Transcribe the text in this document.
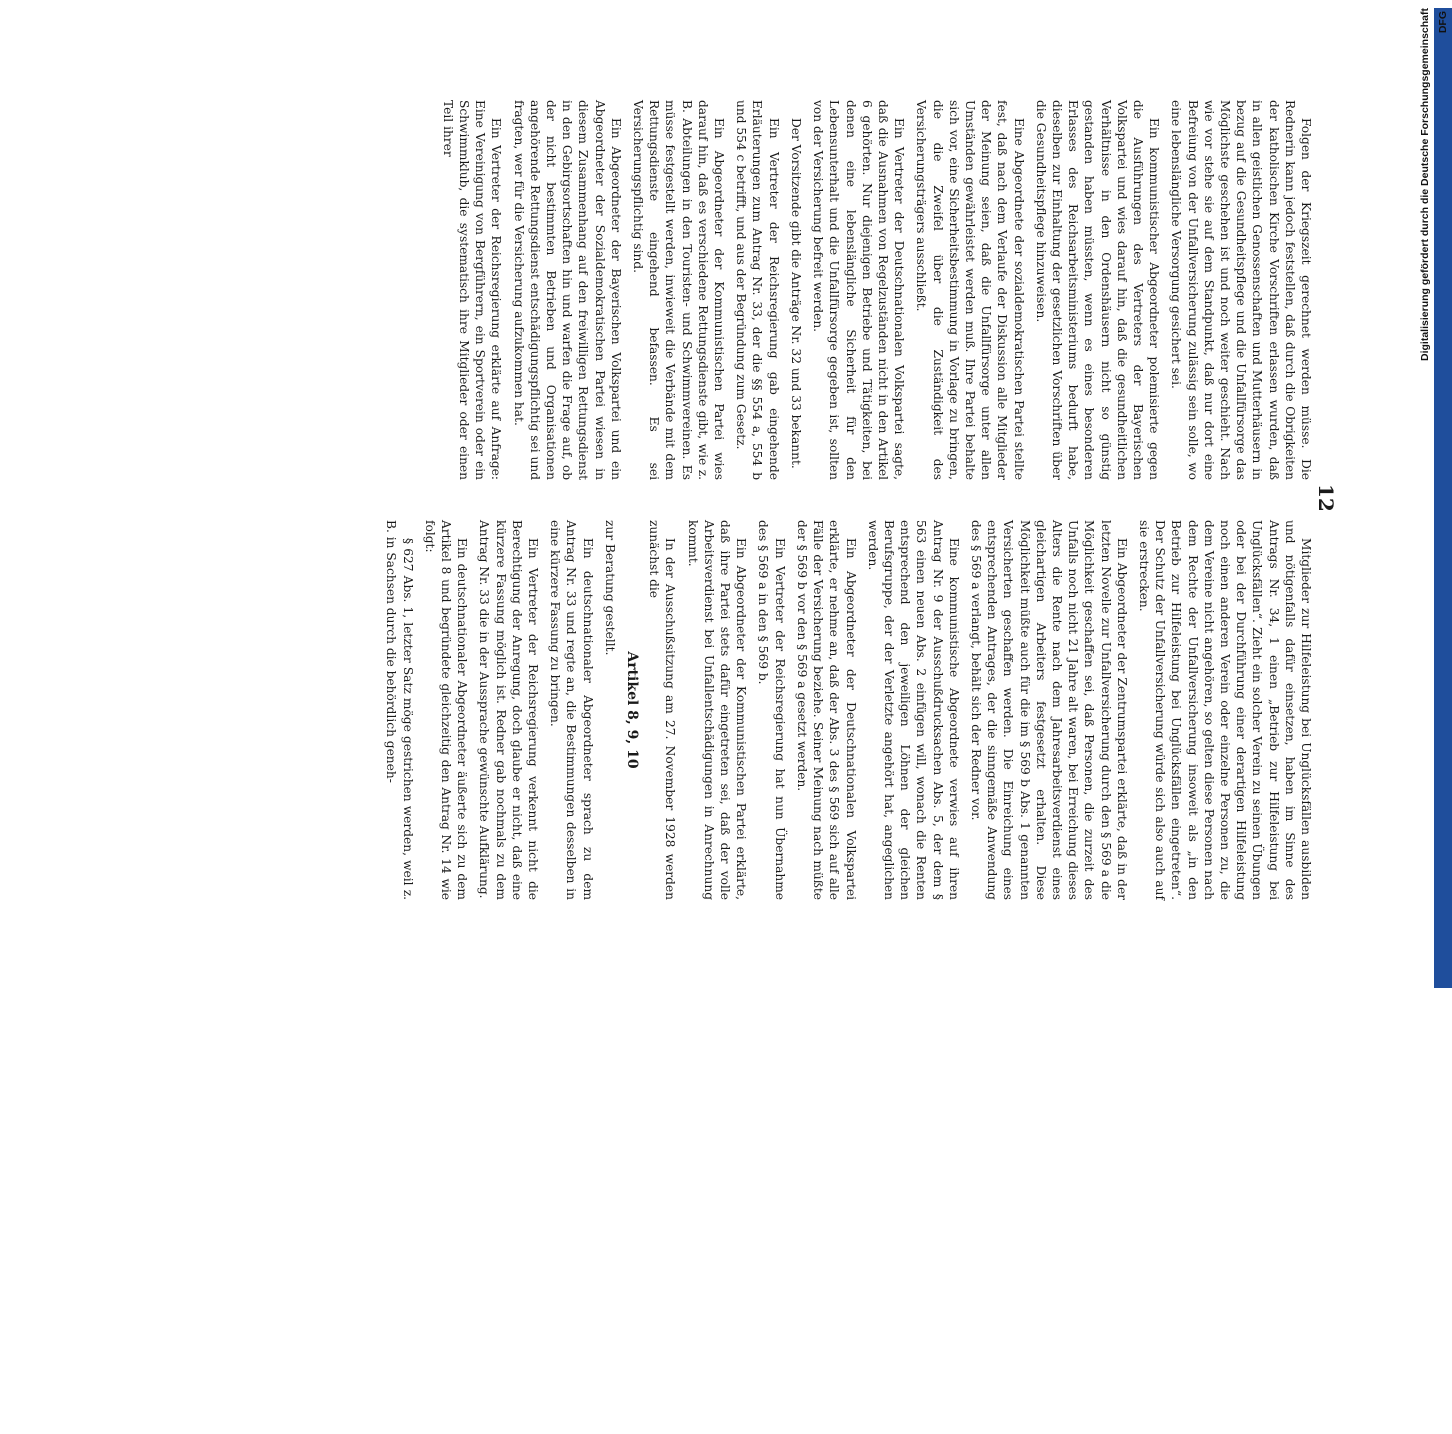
12

Folgen der Kriegszeit gerechnet werden müsse. Die Rednerin kann jedoch feststellen, daß durch die Obrigkeiten der katholischen Kirche Vorschriften erlassen wurden, daß in allen geistlichen Genossenschaften und Mutterhäusern in bezug auf die Gesundheitspflege und die Unfallfürsorge das Möglichste geschehen ist und noch weiter geschieht. Nach wie vor stehe sie auf dem Standpunkt, daß nur dort eine Befreiung von der Unfallversicherung zulässig sein solle, wo eine lebenslängliche Versorgung gesichert sei.

Ein kommunistischer Abgeordneter polemisierte gegen die Ausführungen des Vertreters der Bayerischen Volkspartei und wies darauf hin, daß die gesundheitlichen Verhältnisse in den Ordenshäusern nicht so günstig gestanden haben müssten, wenn es eines besonderen Erlasses des Reichsarbeitsministeriums bedurft habe, dieselben zur Einhaltung der gesetzlichen Vorschriften über die Gesundheitspflege hinzuweisen.

Eine Abgeordnete der sozialdemokratischen Partei stellte fest, daß nach dem Verlaufe der Diskussion alle Mitglieder der Meinung seien, daß die Unfallfürsorge unter allen Umständen gewährleistet werden muß. Ihre Partei behalte sich vor, eine Sicherheitsbestimmung in Vorlage zu bringen, die die Zweifel über die Zuständigkeit des Versicherungsträgers ausschließt.

Ein Vertreter der Deutschnationalen Volkspartei sagte, daß die Ausnahmen von Regelzuständen nicht in den Artikel 6 gehörten. Nur diejenigen Betriebe und Tätigkeiten, bei denen eine lebenslängliche Sicherheit für den Lebensunterhalt und die Unfallfürsorge gegeben ist, sollten von der Versicherung befreit werden.

Der Vorsitzende gibt die Anträge Nr. 32 und 33 bekannt.

Ein Vertreter der Reichsregierung gab eingehende Erläuterungen zum Antrag Nr. 33, der die §§ 554 a, 554 b und 554 c betrifft, und aus der Begründung zum Gesetz.

Ein Abgeordneter der Kommunistischen Partei wies darauf hin, daß es verschiedene Rettungsdienste gibt, wie z. B. Abteilungen in den Touristen- und Schwimmvereinen. Es müsse festgestellt werden, inwieweit die Verbände mit dem Rettungsdienste eingehend befassen. Es sei Versicherungspflichtig sind.

Ein Abgeordneter der Bayerischen Volkspartei und ein Abgeordneter der Sozialdemokratischen Partei wiesen in diesem Zusammenhang auf den freiwilligen Rettungsdienst in den Gebirgsortschaften hin und warfen die Frage auf, ob der nicht bestimmten Betrieben und Organisationen angehörende Rettungsdienst entschädigungspflichtig sei und fragten, wer für die Versicherung aufzukommen hat.

Ein Vertreter der Reichsregierung erklärte auf Anfrage: Eine Vereinigung von Bergführern, ein Sportverein oder ein Schwimmklub, die systematisch ihre Mitglieder oder einen Teil ihrer

Mitglieder zur Hilfeleistung bei Unglücksfällen ausbilden und nötigenfalls dafür einsetzen, haben im Sinne des Antrags Nr. 34, 1 einen „Betrieb zur Hilfeleistung bei Unglücksfällen“. Zieht ein solcher Verein zu seinen Übungen oder bei der Durchführung einer derartigen Hilfeleistung noch einen anderen Verein oder einzelne Personen zu, die dem Vereine nicht angehören, so gelten diese Personen nach dem Rechte der Unfallversicherung insoweit als „in den Betrieb zur Hilfeleistung bei Unglücksfällen eingetreten“. Der Schutz der Unfallversicherung würde sich also auch auf sie erstrecken.

Ein Abgeordneter der Zentrumspartei erklärte, daß in der letzten Novelle zur Unfallversicherung durch den § 569 a die Möglichkeit geschaffen sei, daß Personen, die zurzeit des Unfalls noch nicht 21 Jahre alt waren, bei Erreichung dieses Alters die Rente nach dem Jahresarbeitsverdienst eines gleichartigen Arbeiters festgesetzt erhalten. Diese Möglichkeit müßte auch für die im § 569 b Abs. 1 genannten Versicherten geschaffen werden. Die Einreichung eines entsprechenden Antrages, der die sinngemäße Anwendung des § 569 a verlangt, behält sich der Redner vor.

Eine kommunistische Abgeordnete verwies auf ihren Antrag Nr. 9 der Ausschußdrucksachen Abs. 5, der dem § 563 einen neuen Abs. 2 einfügen will, wonach die Renten entsprechend den jeweiligen Löhnen der gleichen Berufsgruppe, der der Verletzte angehört hat, angeglichen werden.

Ein Abgeordneter der Deutschnationalen Volkspartei erklärte, er nehme an, daß der Abs. 3 des § 569 sich auf alle Fälle der Versicherung beziehe. Seiner Meinung nach müßte der § 569 b vor den § 569 a gesetzt werden.

Ein Vertreter der Reichsregierung hat nun Übernahme des § 569 a in den § 569 b.

Ein Abgeordneter der Kommunistischen Partei erklärte, daß ihre Partei stets dafür eingetreten sei, daß der volle Arbeitsverdienst bei Unfallentschädigungen in Anrechnung kommt.

In der Ausschußsitzung am 27. November 1928 werden zunächst die

Artikel 8, 9, 10

zur Beratung gestellt.

Ein deutschnationaler Abgeordneter sprach zu dem Antrag Nr. 33 und regte an, die Bestimmungen desselben in eine kürzere Fassung zu bringen.

Ein Vertreter der Reichsregierung verkennt nicht die Berechtigung der Anregung, doch glaube er nicht, daß eine kürzere Fassung möglich ist. Redner gab nochmals zu dem Antrag Nr. 33 die in der Aussprache gewünschte Aufklärung.

Ein deutschnationaler Abgeordneter äußerte sich zu dem Artikel 8 und begründete gleichzeitig den Antrag Nr. 14 wie folgt:

§ 627 Abs. 1, letzter Satz möge gestrichen werden, weil z. B. in Sachsen durch die behördlich geneh-

Digitalisierung gefördert durch die Deutsche Forschungsgemeinschaft DFG
